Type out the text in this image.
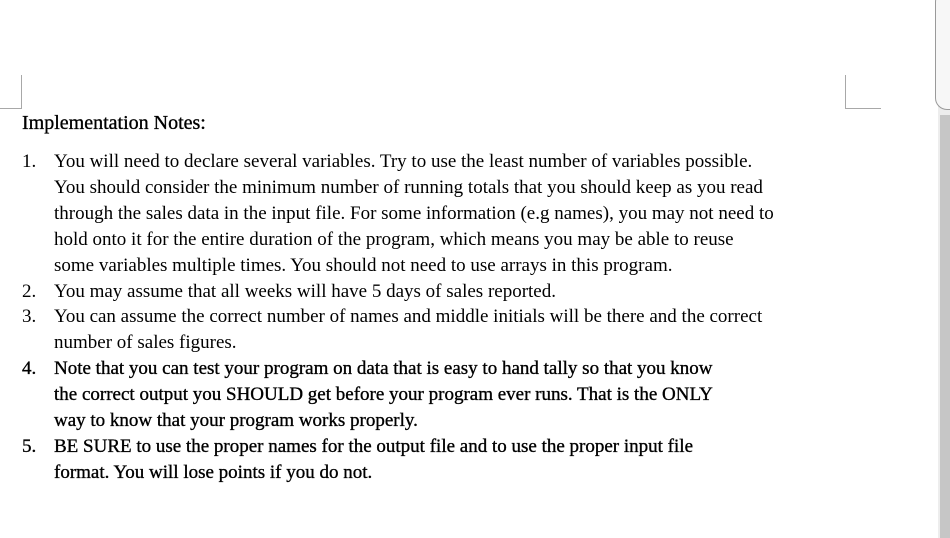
Implementation Notes:
1. You will need to declare several variables. Try to use the least number of variables possible.
You should consider the minimum number of running totals that you should keep as you read
through the sales data in the input file. For some information (e.g names), you may not need to
hold onto it for the entire duration of the program, which means you may be able to reuse
some variables multiple times. You should not need to use arrays in this program.
2. You may assume that all weeks will have 5 days of sales reported.
3. You can assume the correct number of names and middle initials will be there and the correct
number of sales figures.
4. Note that you can test your program on data that is easy to hand tally so that you know
the correct output you SHOULD get before your program ever runs. That is the ONLY
way to know that your program works properly.
5. BE SURE to use the proper names for the output file and to use the proper input file
format. You will lose points if you do not.
